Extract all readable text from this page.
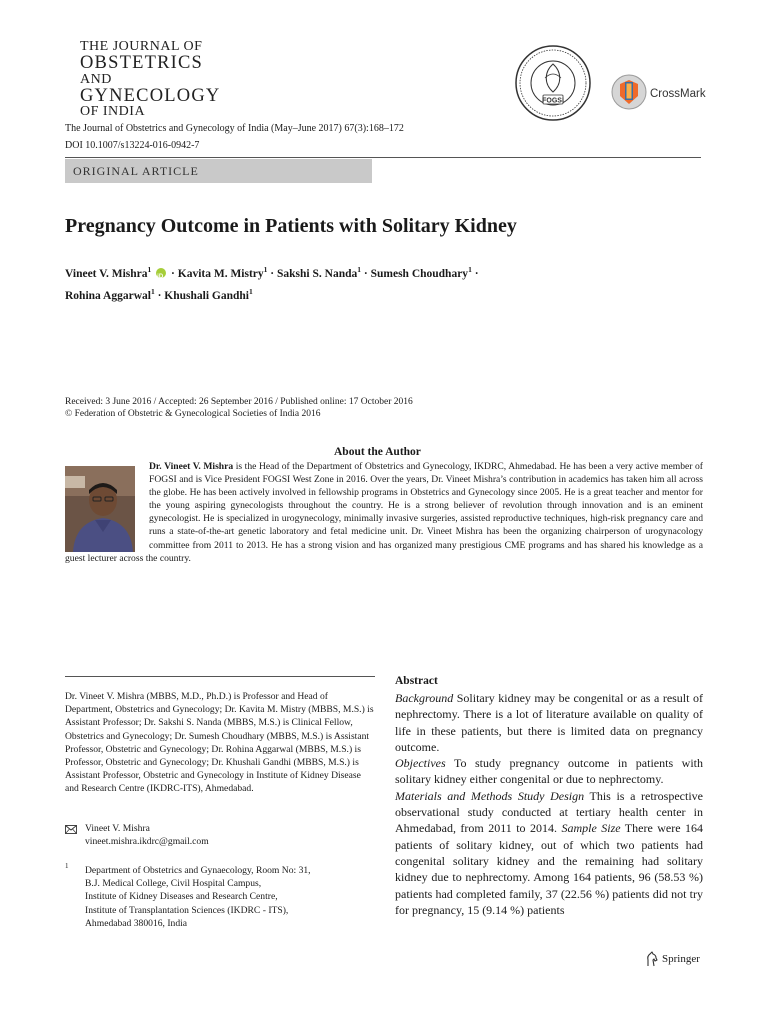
THE JOURNAL OF
OBSTETRICS
AND
GYNECOLOGY
OF INDIA
FOGSI
CrossMark
The Journal of Obstetrics and Gynecology of India (May–June 2017) 67(3):168–172
DOI 10.1007/s13224-016-0942-7
ORIGINAL ARTICLE
Pregnancy Outcome in Patients with Solitary Kidney
Vineet V. Mishra$^1$ iD · Kavita M. Mistry$^1$ · Sakshi S. Nanda$^1$ · Sumesh Choudhary$^1$ ·
Rohina Aggarwal$^1$ · Khushali Gandhi$^1$
Received: 3 June 2016 / Accepted: 26 September 2016 / Published online: 17 October 2016
© Federation of Obstetric & Gynecological Societies of India 2016
About the Author
Dr. Vineet V. Mishra is the Head of the Department of Obstetrics and Gynecology, IKDRC, Ahmedabad. He has been a very active member of FOGSI and is Vice President FOGSI West Zone in 2016. Over the years, Dr. Vineet Mishra’s contribution in academics has taken him all across the globe. He has been actively involved in fellowship programs in Obstetrics and Gynecology since 2005. He is a great teacher and mentor for the young aspiring gynecologists throughout the country. He is a strong believer of revolution through innovation and is an eminent gynecologist. He is specialized in urogynecology, minimally invasive surgeries, assisted reproductive techniques, high-risk pregnancy care and runs a state-of-the-art genetic laboratory and fetal medicine unit. Dr. Vineet Mishra has been the organizing chairperson of urogynacology committee from 2011 to 2013. He has a strong vision and has organized many prestigious CME programs and has shared his knowledge as a guest lecturer across the country.
Dr. Vineet V. Mishra (MBBS, M.D., Ph.D.) is Professor and Head of Department, Obstetrics and Gynecology; Dr. Kavita M. Mistry (MBBS, M.S.) is Assistant Professor; Dr. Sakshi S. Nanda (MBBS, M.S.) is Clinical Fellow, Obstetrics and Gynecology; Dr. Sumesh Choudhary (MBBS, M.S.) is Assistant Professor, Obstetric and Gynecology; Dr. Rohina Aggarwal (MBBS, M.S.) is Professor, Obstetric and Gynecology; Dr. Khushali Gandhi (MBBS, M.S.) is Assistant Professor, Obstetric and Gynecology in Institute of Kidney Disease and Research Centre (IKDRC-ITS), Ahmedabad.
Vineet V. Mishra
vineet.mishra.ikdrc@gmail.com
1 Department of Obstetrics and Gynaecology, Room No: 31,
B.J. Medical College, Civil Hospital Campus,
Institute of Kidney Diseases and Research Centre,
Institute of Transplantation Sciences (IKDRC - ITS),
Ahmedabad 380016, India
Abstract
Background Solitary kidney may be congenital or as a result of nephrectomy. There is a lot of literature available on quality of life in these patients, but there is limited data on pregnancy outcome.
Objectives To study pregnancy outcome in patients with solitary kidney either congenital or due to nephrectomy.
Materials and Methods Study Design This is a retrospective observational study conducted at tertiary health center in Ahmedabad, from 2011 to 2014. Sample Size There were 164 patients of solitary kidney, out of which two patients had congenital solitary kidney and the remaining had solitary kidney due to nephrectomy. Among 164 patients, 96 (58.53 %) patients had completed family, 37 (22.56 %) patients did not try for pregnancy, 15 (9.14 %) patients
Springer
